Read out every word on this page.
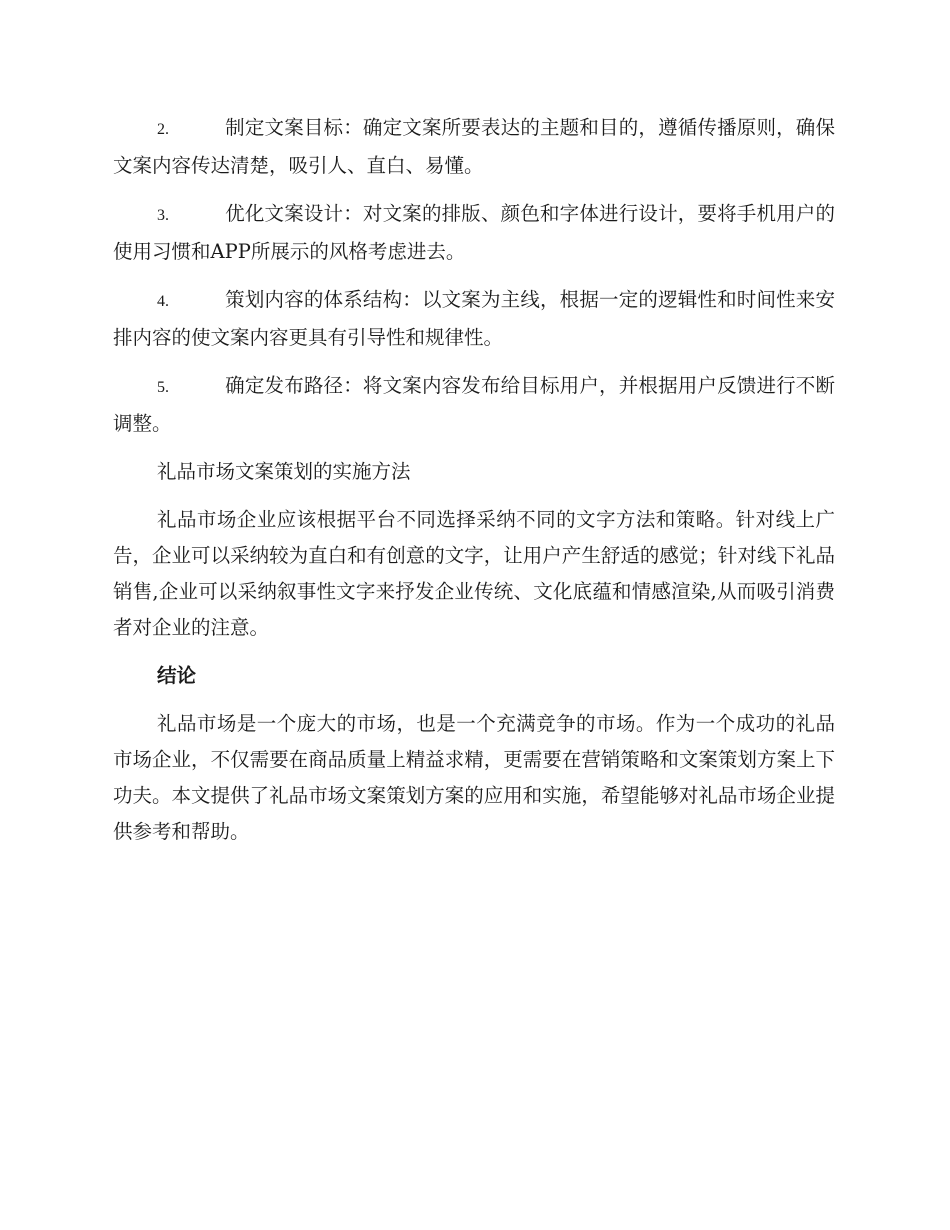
2.	制定文案目标：确定文案所要表达的主题和目的，遵循传播原则，确保文案内容传达清楚，吸引人、直白、易懂。

3.	优化文案设计：对文案的排版、颜色和字体进行设计，要将手机用户的使用习惯和APP所展示的风格考虑进去。

4.	策划内容的体系结构：以文案为主线，根据一定的逻辑性和时间性来安排内容的使文案内容更具有引导性和规律性。

5.	确定发布路径：将文案内容发布给目标用户，并根据用户反馈进行不断调整。

礼品市场文案策划的实施方法

礼品市场企业应该根据平台不同选择采纳不同的文字方法和策略。针对线上广告，企业可以采纳较为直白和有创意的文字，让用户产生舒适的感觉；针对线下礼品销售,企业可以采纳叙事性文字来抒发企业传统、文化底蕴和情感渲染,从而吸引消费者对企业的注意。

结论

礼品市场是一个庞大的市场，也是一个充满竞争的市场。作为一个成功的礼品市场企业，不仅需要在商品质量上精益求精，更需要在营销策略和文案策划方案上下功夫。本文提供了礼品市场文案策划方案的应用和实施，希望能够对礼品市场企业提供参考和帮助。
